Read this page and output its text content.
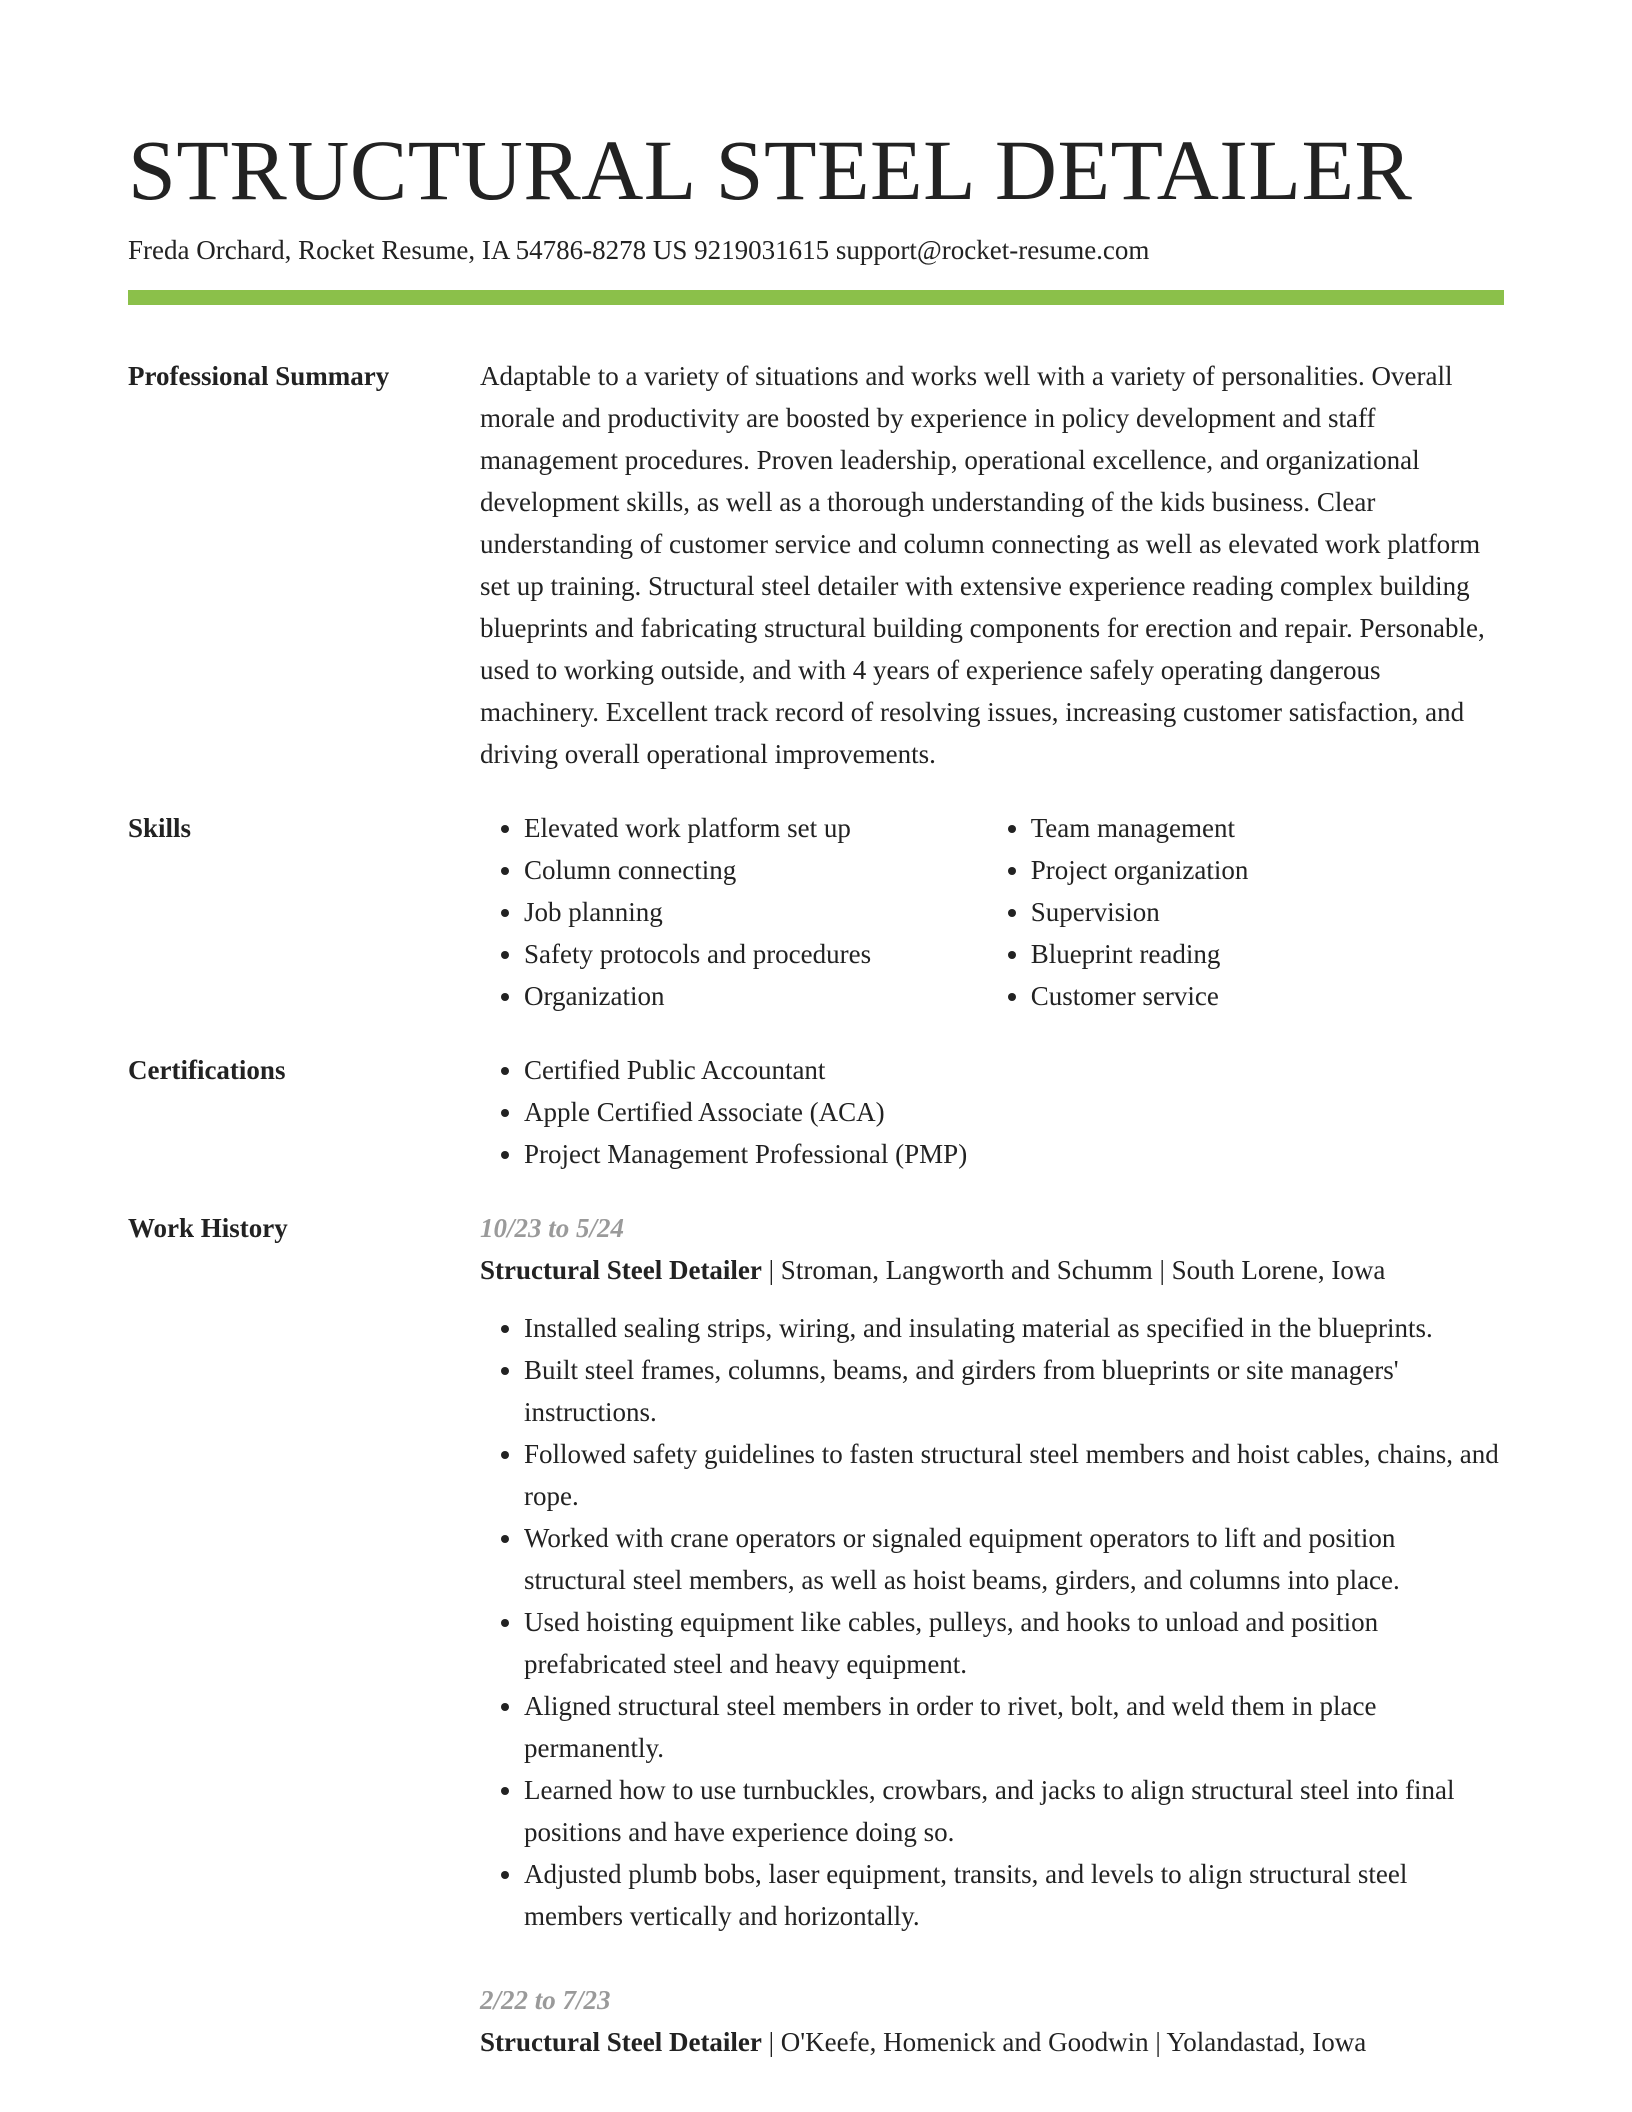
STRUCTURAL STEEL DETAILER
Freda Orchard, Rocket Resume, IA 54786-8278 US 9219031615 support@rocket-resume.com
Professional Summary	Adaptable to a variety of situations and works well with a variety of personalities. Overall morale and productivity are boosted by experience in policy development and staff management procedures. Proven leadership, operational excellence, and organizational development skills, as well as a thorough understanding of the kids business. Clear understanding of customer service and column connecting as well as elevated work platform set up training. Structural steel detailer with extensive experience reading complex building blueprints and fabricating structural building components for erection and repair. Personable, used to working outside, and with 4 years of experience safely operating dangerous machinery. Excellent track record of resolving issues, increasing customer satisfaction, and driving overall operational improvements.
Skills	• Elevated work platform set up
• Column connecting
• Job planning
• Safety protocols and procedures
• Organization
• Team management
• Project organization
• Supervision
• Blueprint reading
• Customer service
Certifications	• Certified Public Accountant
• Apple Certified Associate (ACA)
• Project Management Professional (PMP)
Work History	10/23 to 5/24
Structural Steel Detailer | Stroman, Langworth and Schumm | South Lorene, Iowa
• Installed sealing strips, wiring, and insulating material as specified in the blueprints.
• Built steel frames, columns, beams, and girders from blueprints or site managers' instructions.
• Followed safety guidelines to fasten structural steel members and hoist cables, chains, and rope.
• Worked with crane operators or signaled equipment operators to lift and position structural steel members, as well as hoist beams, girders, and columns into place.
• Used hoisting equipment like cables, pulleys, and hooks to unload and position prefabricated steel and heavy equipment.
• Aligned structural steel members in order to rivet, bolt, and weld them in place permanently.
• Learned how to use turnbuckles, crowbars, and jacks to align structural steel into final positions and have experience doing so.
• Adjusted plumb bobs, laser equipment, transits, and levels to align structural steel members vertically and horizontally.
2/22 to 7/23
Structural Steel Detailer | O'Keefe, Homenick and Goodwin | Yolandastad, Iowa
